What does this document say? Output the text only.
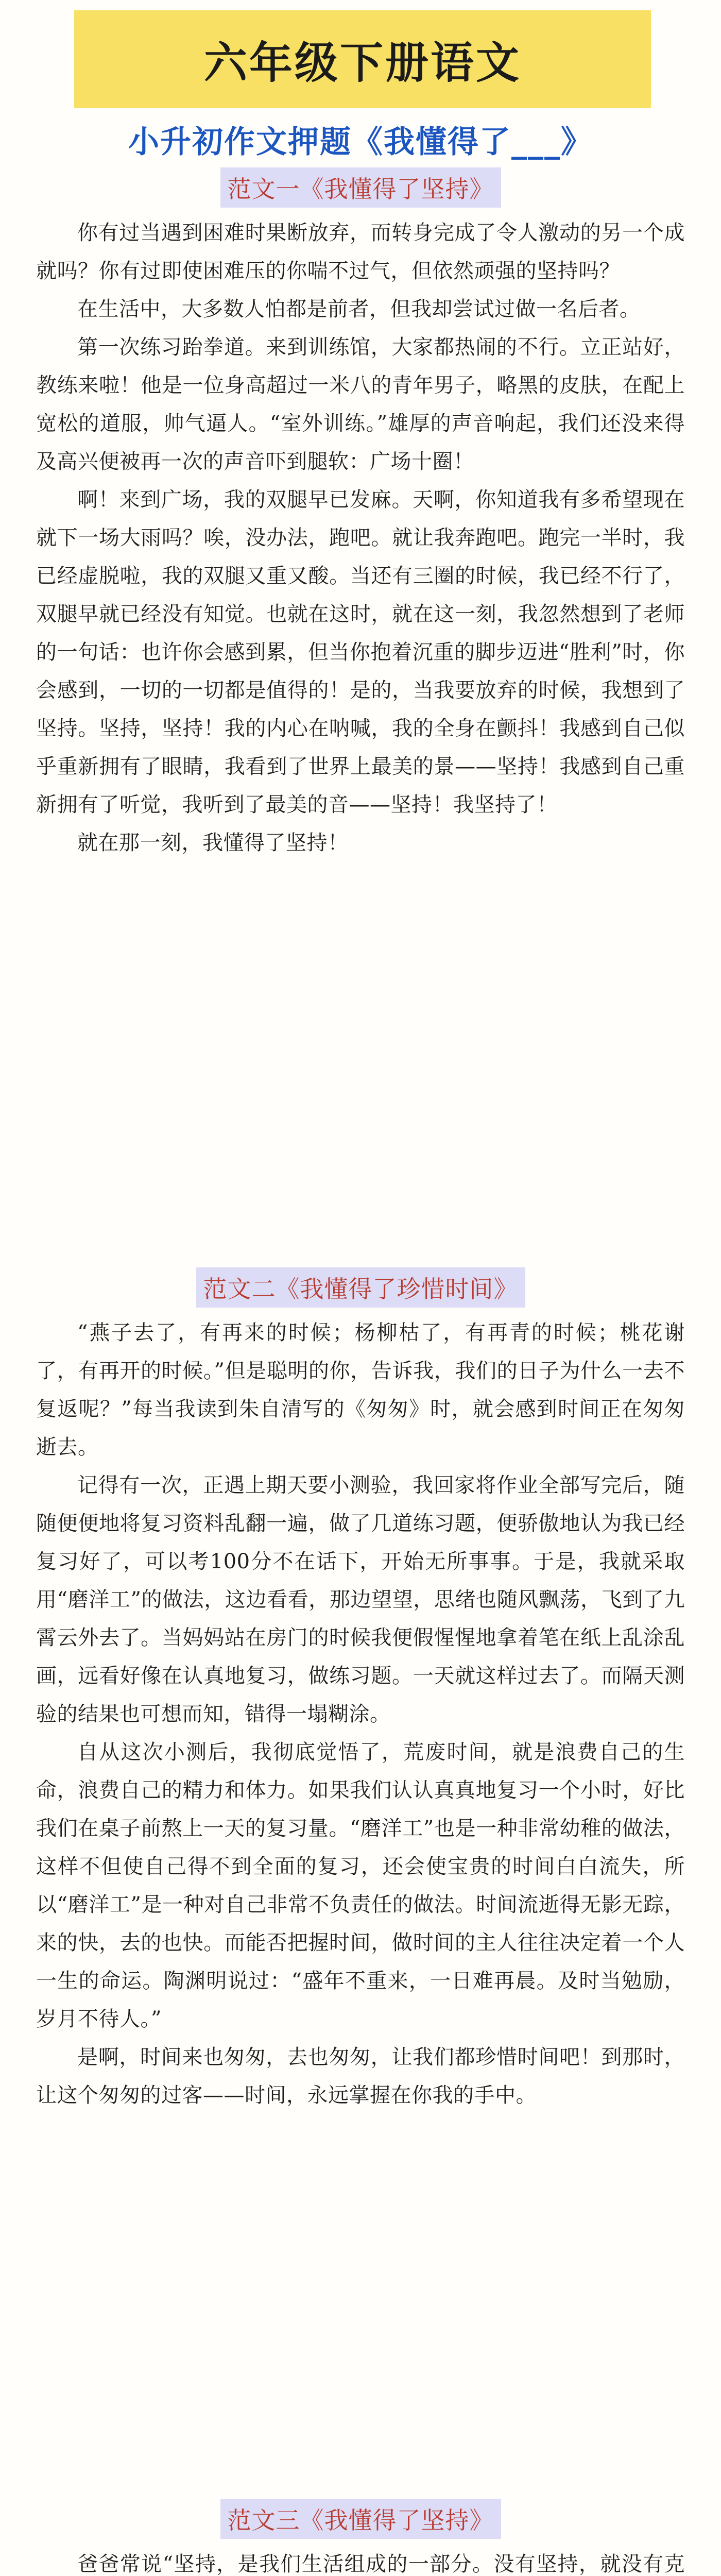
六年级下册语文
小升初作文押题《我懂得了___》
范文一《我懂得了坚持》

你有过当遇到困难时果断放弃，而转身完成了令人激动的另一个成就吗？你有过即使困难压的你喘不过气，但依然顽强的坚持吗？

在生活中，大多数人怕都是前者，但我却尝试过做一名后者。

第一次练习跆拳道。来到训练馆，大家都热闹的不行。立正站好，教练来啦！他是一位身高超过一米八的青年男子，略黑的皮肤，在配上宽松的道服，帅气逼人。“室外训练。”雄厚的声音响起，我们还没来得及高兴便被再一次的声音吓到腿软：广场十圈！

啊！来到广场，我的双腿早已发麻。天啊，你知道我有多希望现在就下一场大雨吗？唉，没办法，跑吧。就让我奔跑吧。跑完一半时，我已经虚脱啦，我的双腿又重又酸。当还有三圈的时候，我已经不行了，双腿早就已经没有知觉。也就在这时，就在这一刻，我忽然想到了老师的一句话：也许你会感到累，但当你抱着沉重的脚步迈进“胜利”时，你会感到，一切的一切都是值得的！是的，当我要放弃的时候，我想到了坚持。坚持，坚持！我的内心在呐喊，我的全身在颤抖！我感到自己似乎重新拥有了眼睛，我看到了世界上最美的景——坚持！我感到自己重新拥有了听觉，我听到了最美的音——坚持！我坚持了！

就在那一刻，我懂得了坚持！

范文二《我懂得了珍惜时间》

“燕子去了，有再来的时候；杨柳枯了，有再青的时候；桃花谢了，有再开的时候。”但是聪明的你，告诉我，我们的日子为什么一去不复返呢？”每当我读到朱自清写的《匆匆》时，就会感到时间正在匆匆逝去。

记得有一次，正遇上期天要小测验，我回家将作业全部写完后，随随便便地将复习资料乱翻一遍，做了几道练习题，便骄傲地认为我已经复习好了，可以考100分不在话下，开始无所事事。于是，我就采取用“磨洋工”的做法，这边看看，那边望望，思绪也随风飘荡，飞到了九霄云外去了。当妈妈站在房门的时候我便假惺惺地拿着笔在纸上乱涂乱画，远看好像在认真地复习，做练习题。一天就这样过去了。而隔天测验的结果也可想而知，错得一塌糊涂。

自从这次小测后，我彻底觉悟了，荒废时间，就是浪费自己的生命，浪费自己的精力和体力。如果我们认认真真地复习一个小时，好比我们在桌子前熬上一天的复习量。“磨洋工”也是一种非常幼稚的做法，这样不但使自己得不到全面的复习，还会使宝贵的时间白白流失，所以“磨洋工”是一种对自己非常不负责任的做法。时间流逝得无影无踪，来的快，去的也快。而能否把握时间，做时间的主人往往决定着一个人一生的命运。陶渊明说过：“盛年不重来，一日难再晨。及时当勉励，岁月不待人。”

是啊，时间来也匆匆，去也匆匆，让我们都珍惜时间吧！到那时，让这个匆匆的过客——时间，永远掌握在你我的手中。

范文三《我懂得了坚持》

爸爸常说“坚持，是我们生活组成的一部分。没有坚持，就没有克
